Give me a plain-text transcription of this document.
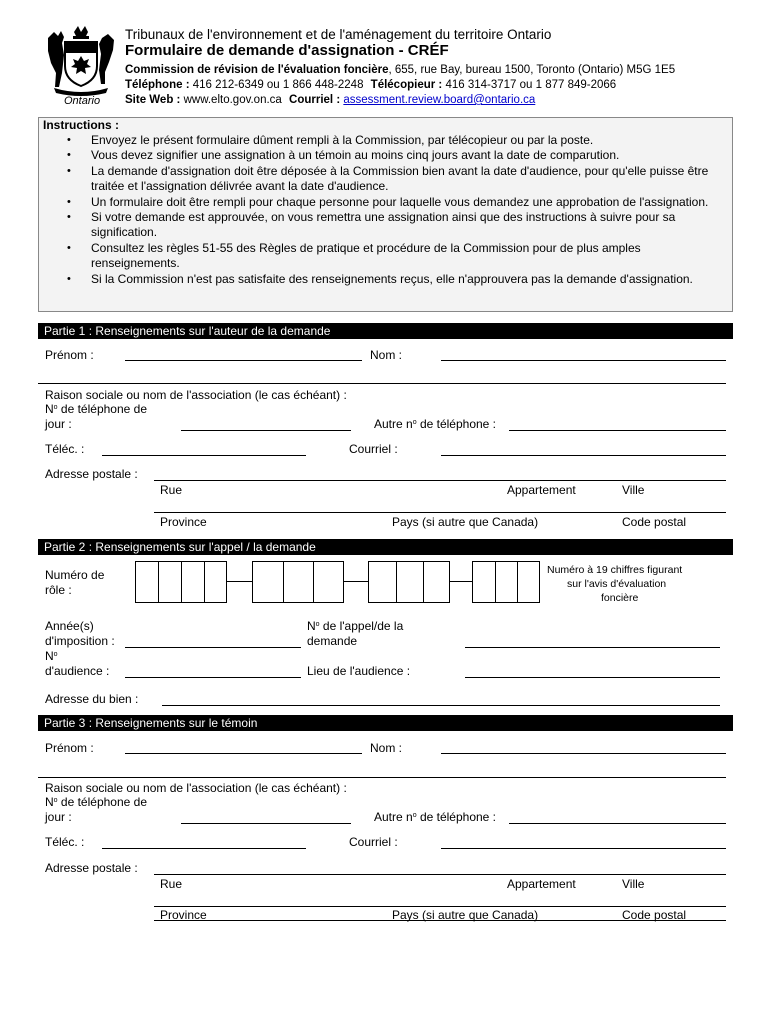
Ontario
Tribunaux de l'environnement et de l'aménagement du territoire Ontario
Formulaire de demande d'assignation - CRÉF
Commission de révision de l'évaluation foncière, 655, rue Bay, bureau 1500, Toronto (Ontario) M5G 1E5
Téléphone : 416 212-6349 ou 1 866 448-2248 Télécopieur : 416 314-3717 ou 1 877 849-2066
Site Web : www.elto.gov.on.ca Courriel : assessment.review.board@ontario.ca
Instructions :
• Envoyez le présent formulaire dûment rempli à la Commission, par télécopieur ou par la poste.
• Vous devez signifier une assignation à un témoin au moins cinq jours avant la date de comparution.
• La demande d'assignation doit être déposée à la Commission bien avant la date d'audience, pour qu'elle puisse être traitée et l'assignation délivrée avant la date d'audience.
• Un formulaire doit être rempli pour chaque personne pour laquelle vous demandez une approbation de l'assignation.
• Si votre demande est approuvée, on vous remettra une assignation ainsi que des instructions à suivre pour sa signification.
• Consultez les règles 51-55 des Règles de pratique et procédure de la Commission pour de plus amples renseignements.
• Si la Commission n'est pas satisfaite des renseignements reçus, elle n'approuvera pas la demande d'assignation.
Partie 1 : Renseignements sur l'auteur de la demande
Prénom :	Nom :
Raison sociale ou nom de l'association (le cas échéant) :
$N^o$ de téléphone de
jour :	Autre $n^o$ de téléphone :
Téléc. :	Courriel :
Adresse postale :
Rue	Appartement	Ville
Province	Pays (si autre que Canada)	Code postal
Partie 2 : Renseignements sur l'appel / la demande
Numéro de
rôle :
Numéro à 19 chiffres figurant
sur l'avis d'évaluation
foncière
Année(s)
d'imposition :
$N^o$ de l'appel/de la
demande
$N^o$
d'audience :	Lieu de l'audience :
Adresse du bien :
Partie 3 : Renseignements sur le témoin
Prénom :	Nom :
Raison sociale ou nom de l'association (le cas échéant) :
$N^o$ de téléphone de
jour :	Autre $n^o$ de téléphone :
Téléc. :	Courriel :
Adresse postale :
Rue	Appartement	Ville
Province	Pays (si autre que Canada)	Code postal
